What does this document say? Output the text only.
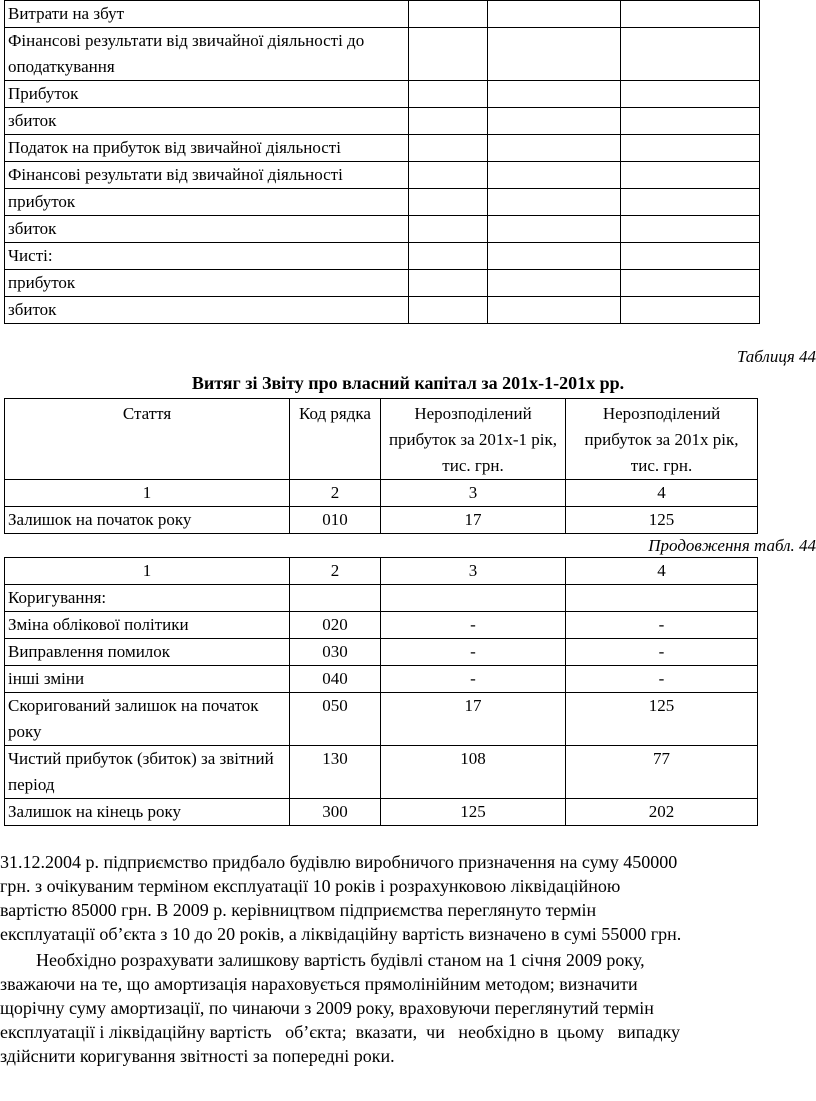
Витрати на збут			
Фінансові результати від звичайної діяльності до оподаткування			
Прибуток			
збиток			
Податок на прибуток від звичайної діяльності			
Фінансові результати від звичайної діяльності			
прибуток			
збиток			
Чисті:			
прибуток			
збиток			
Таблиця 44
Витяг зі Звіту про власний капітал за 201х-1-201х рр.
Стаття	Код рядка	Нерозподілений прибуток за 201х-1 рік, тис. грн.	Нерозподілений прибуток за 201х рік, тис. грн.
1	2	3	4
Залишок на початок року	010	17	125
Продовження табл. 44
1	2	3	4
Коригування:			
Зміна облікової політики	020	-	-
Виправлення помилок	030	-	-
інші зміни	040	-	-
Скоригований залишок на початок року	050	17	125
Чистий прибуток (збиток) за звітний період	130	108	77
Залишок на кінець року	300	125	202

31.12.2004 р. підприємство придбало будівлю виробничого призначення на суму 450000

грн. з очікуваним терміном експлуатації 10 років і розрахунковою ліквідаційною

вартістю 85000 грн. В 2009 р. керівництвом підприємства переглянуто термін

експлуатації об’єкта з 10 до 20 років, а ліквідаційну вартість визначено в сумі 55000 грн.

Необхідно розрахувати залишкову вартість будівлі станом на 1 січня 2009 року,

зважаючи на те, що амортизація нараховується прямолінійним методом; визначити

щорічну суму амортизації, по чинаючи з 2009 року, враховуючи переглянутий термін

експлуатації і ліквідаційну вартість   об’єкта;  вказати,  чи   необхідно в  цьому   випадку

здійснити коригування звітності за попередні роки.
